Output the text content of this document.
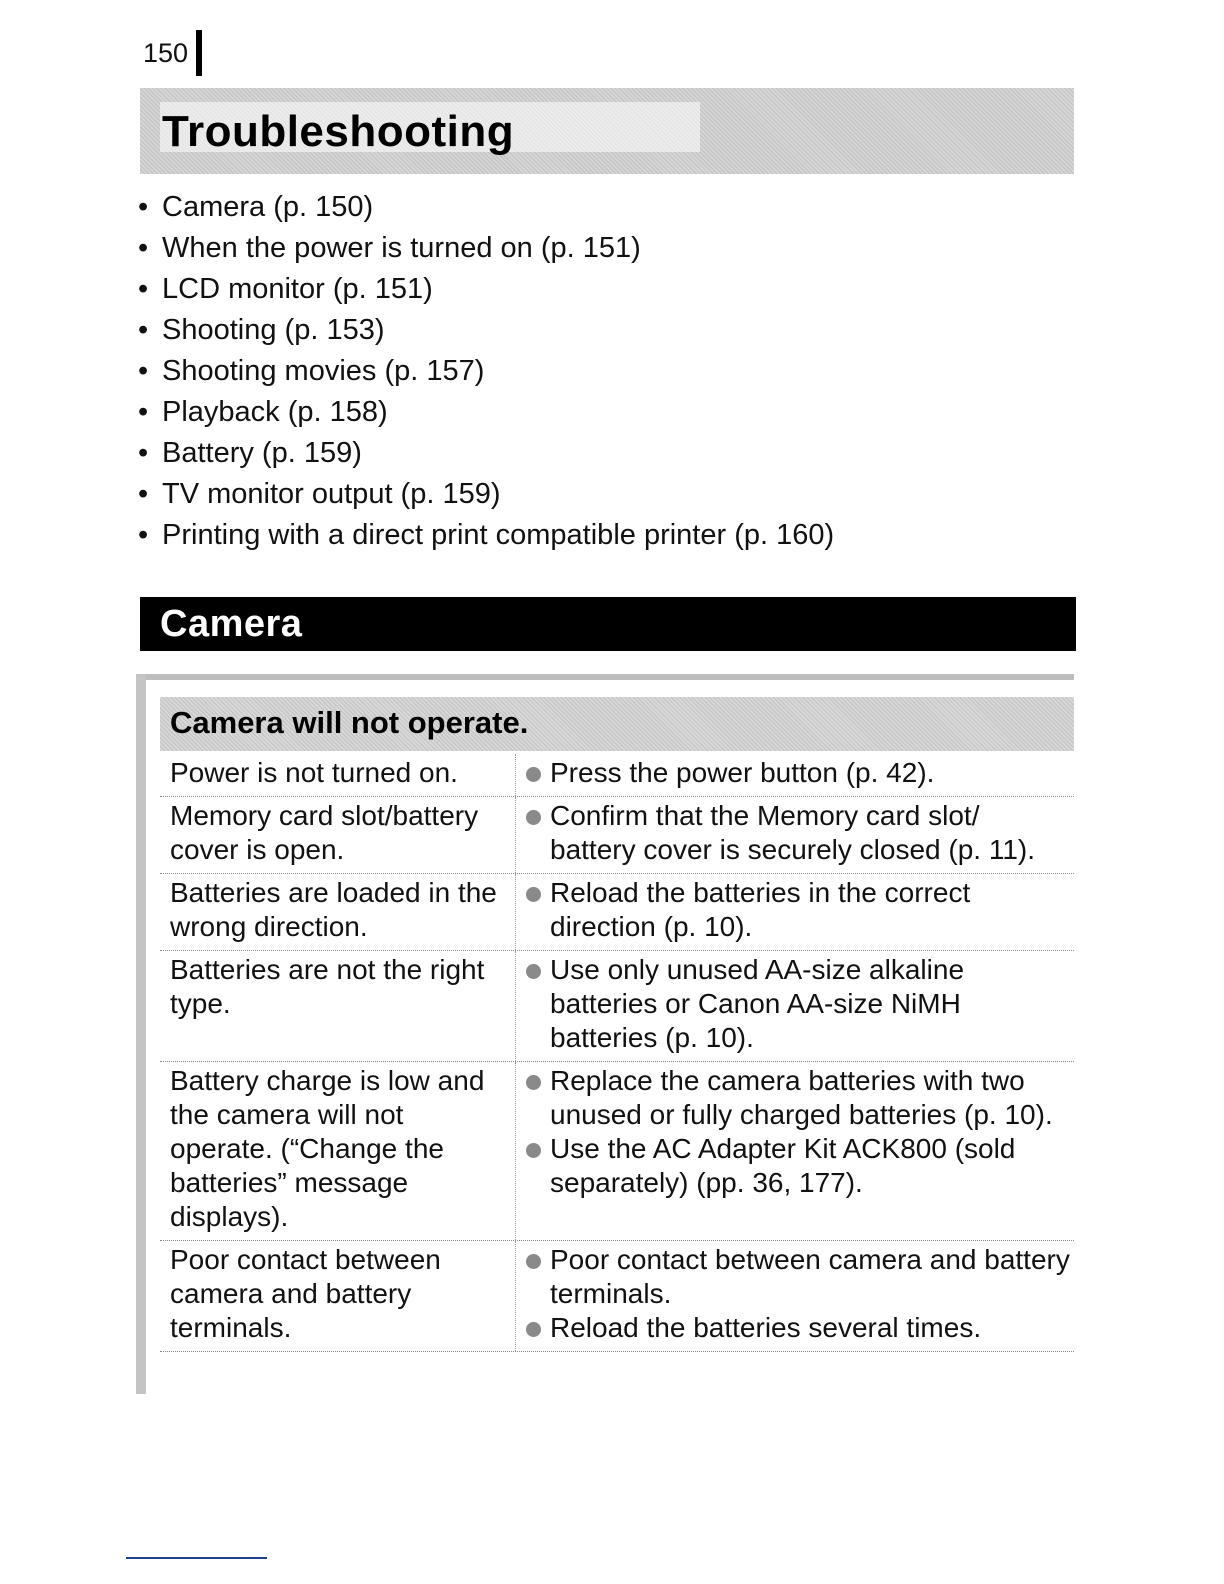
150
Troubleshooting
• Camera (p. 150)
• When the power is turned on (p. 151)
• LCD monitor (p. 151)
• Shooting (p. 153)
• Shooting movies (p. 157)
• Playback (p. 158)
• Battery (p. 159)
• TV monitor output (p. 159)
• Printing with a direct print compatible printer (p. 160)
Camera
Camera will not operate.
Power is not turned on.	Press the power button (p. 42).
Memory card slot/battery cover is open.
Confirm that the Memory card slot/ battery cover is securely closed (p. 11).
Batteries are loaded in the wrong direction.
Reload the batteries in the correct direction (p. 10).
Batteries are not the right type.
Use only unused AA-size alkaline batteries or Canon AA-size NiMH batteries (p. 10).
Battery charge is low and the camera will not operate. (“Change the batteries” message displays).
Replace the camera batteries with two unused or fully charged batteries (p. 10).
Use the AC Adapter Kit ACK800 (sold separately) (pp. 36, 177).
Poor contact between camera and battery terminals.
Poor contact between camera and battery terminals.
Reload the batteries several times.
